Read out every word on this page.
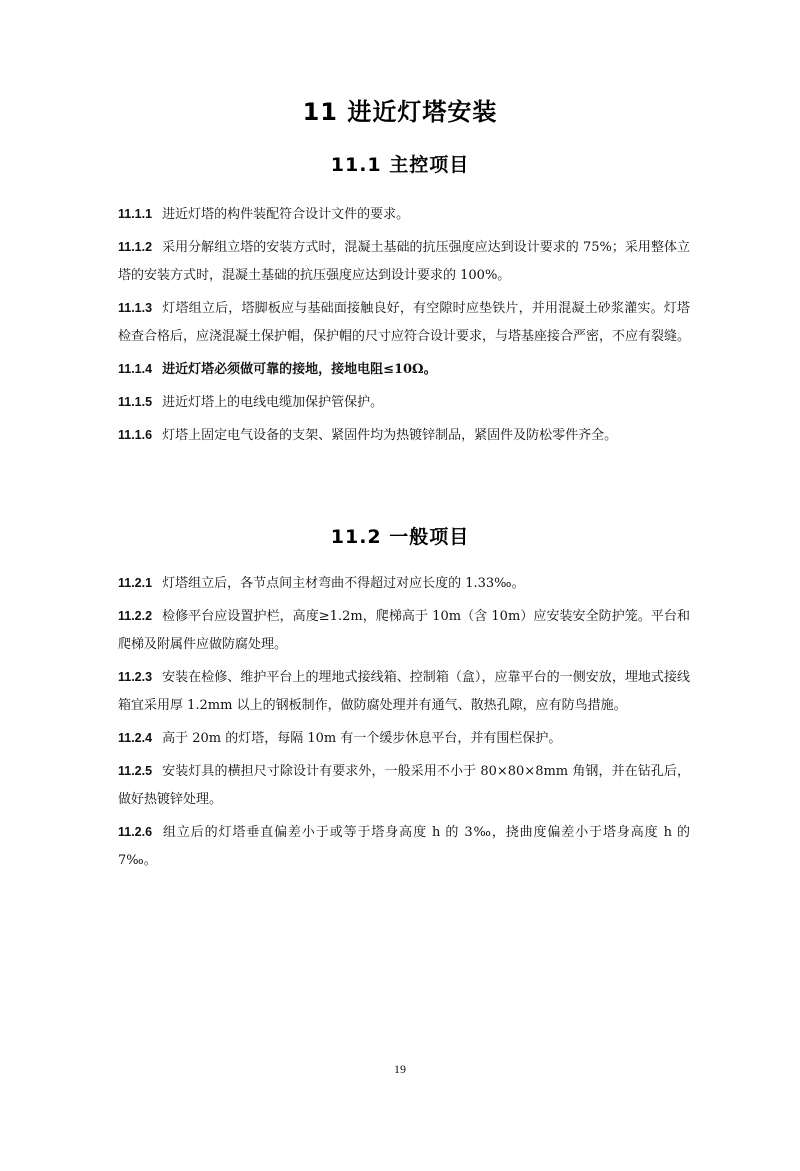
11 进近灯塔安装
11.1 主控项目

11.1.1 进近灯塔的构件装配符合设计文件的要求。

11.1.2 采用分解组立塔的安装方式时，混凝土基础的抗压强度应达到设计要求的 75%；采用整体立塔的安装方式时，混凝土基础的抗压强度应达到设计要求的 100%。

11.1.3 灯塔组立后，塔脚板应与基础面接触良好，有空隙时应垫铁片，并用混凝土砂浆灌实。灯塔检查合格后，应浇混凝土保护帽，保护帽的尺寸应符合设计要求，与塔基座接合严密，不应有裂缝。

11.1.4 进近灯塔必须做可靠的接地，接地电阻≤10Ω。

11.1.5 进近灯塔上的电线电缆加保护管保护。

11.1.6 灯塔上固定电气设备的支架、紧固件均为热镀锌制品，紧固件及防松零件齐全。

11.2 一般项目

11.2.1 灯塔组立后，各节点间主材弯曲不得超过对应长度的 1.33‰。

11.2.2 检修平台应设置护栏，高度≥1.2m，爬梯高于 10m（含 10m）应安装安全防护笼。平台和爬梯及附属件应做防腐处理。

11.2.3 安装在检修、维护平台上的埋地式接线箱、控制箱（盒），应靠平台的一侧安放，埋地式接线箱宜采用厚 1.2mm 以上的钢板制作，做防腐处理并有通气、散热孔隙，应有防鸟措施。

11.2.4 高于 20m 的灯塔，每隔 10m 有一个缓步休息平台，并有围栏保护。

11.2.5 安装灯具的横担尺寸除设计有要求外，一般采用不小于 80×80×8mm 角钢，并在钻孔后，做好热镀锌处理。

11.2.6 组立后的灯塔垂直偏差小于或等于塔身高度 h 的 3‰，挠曲度偏差小于塔身高度 h 的 7‰。

19
